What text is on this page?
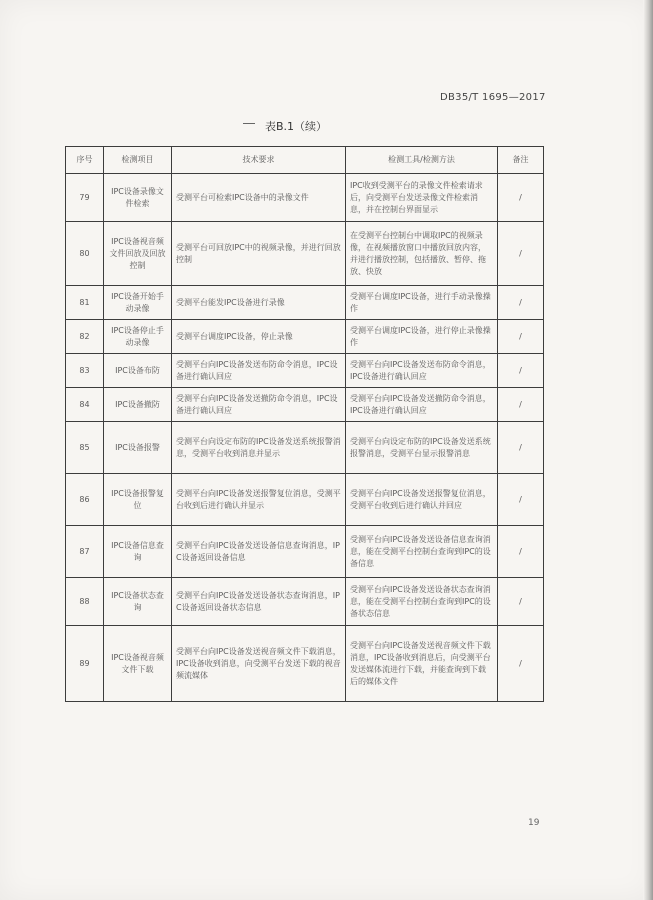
DB35/T 1695—2017
表B.1（续）
序号	检测项目	技术要求	检测工具/检测方法	备注
79	IPC设备录像文件检索	受测平台可检索IPC设备中的录像文件	IPC收到受测平台的录像文件检索请求后，向受测平台发送录像文件检索消息，并在控制台界面显示	/
80	IPC设备视音频文件回放及回放控制	受测平台可回放IPC中的视频录像，并进行回放控制	在受测平台控制台中调取IPC的视频录像，在视频播放窗口中播放回放内容，并进行播放控制，包括播放、暂停、拖放、快放	/
81	IPC设备开始手动录像	受测平台能发IPC设备进行录像	受测平台调度IPC设备，进行手动录像操作	/
82	IPC设备停止手动录像	受测平台调度IPC设备，停止录像	受测平台调度IPC设备，进行停止录像操作	/
83	IPC设备布防	受测平台向IPC设备发送布防命令消息，IPC设备进行确认回应	受测平台向IPC设备发送布防命令消息，IPC设备进行确认回应	/
84	IPC设备撤防	受测平台向IPC设备发送撤防命令消息，IPC设备进行确认回应	受测平台向IPC设备发送撤防命令消息，IPC设备进行确认回应	/
85	IPC设备报警	受测平台向设定布防的IPC设备发送系统报警消息，受测平台收到消息并显示	受测平台向设定布防的IPC设备发送系统报警消息，受测平台显示报警消息	/
86	IPC设备报警复位	受测平台向IPC设备发送报警复位消息，受测平台收到后进行确认并显示	受测平台向IPC设备发送报警复位消息，受测平台收到后进行确认并回应	/
87	IPC设备信息查询	受测平台向IPC设备发送设备信息查询消息，IPC设备返回设备信息	受测平台向IPC设备发送设备信息查询消息，能在受测平台控制台查询到IPC的设备信息	/
88	IPC设备状态查询	受测平台向IPC设备发送设备状态查询消息，IPC设备返回设备状态信息	受测平台向IPC设备发送设备状态查询消息，能在受测平台控制台查询到IPC的设备状态信息	/
89	IPC设备视音频文件下载	受测平台向IPC设备发送视音频文件下载消息，IPC设备收到消息，向受测平台发送下载的视音频流媒体	受测平台向IPC设备发送视音频文件下载消息，IPC设备收到消息后，向受测平台发送媒体流进行下载，并能查询到下载后的媒体文件	/
19
